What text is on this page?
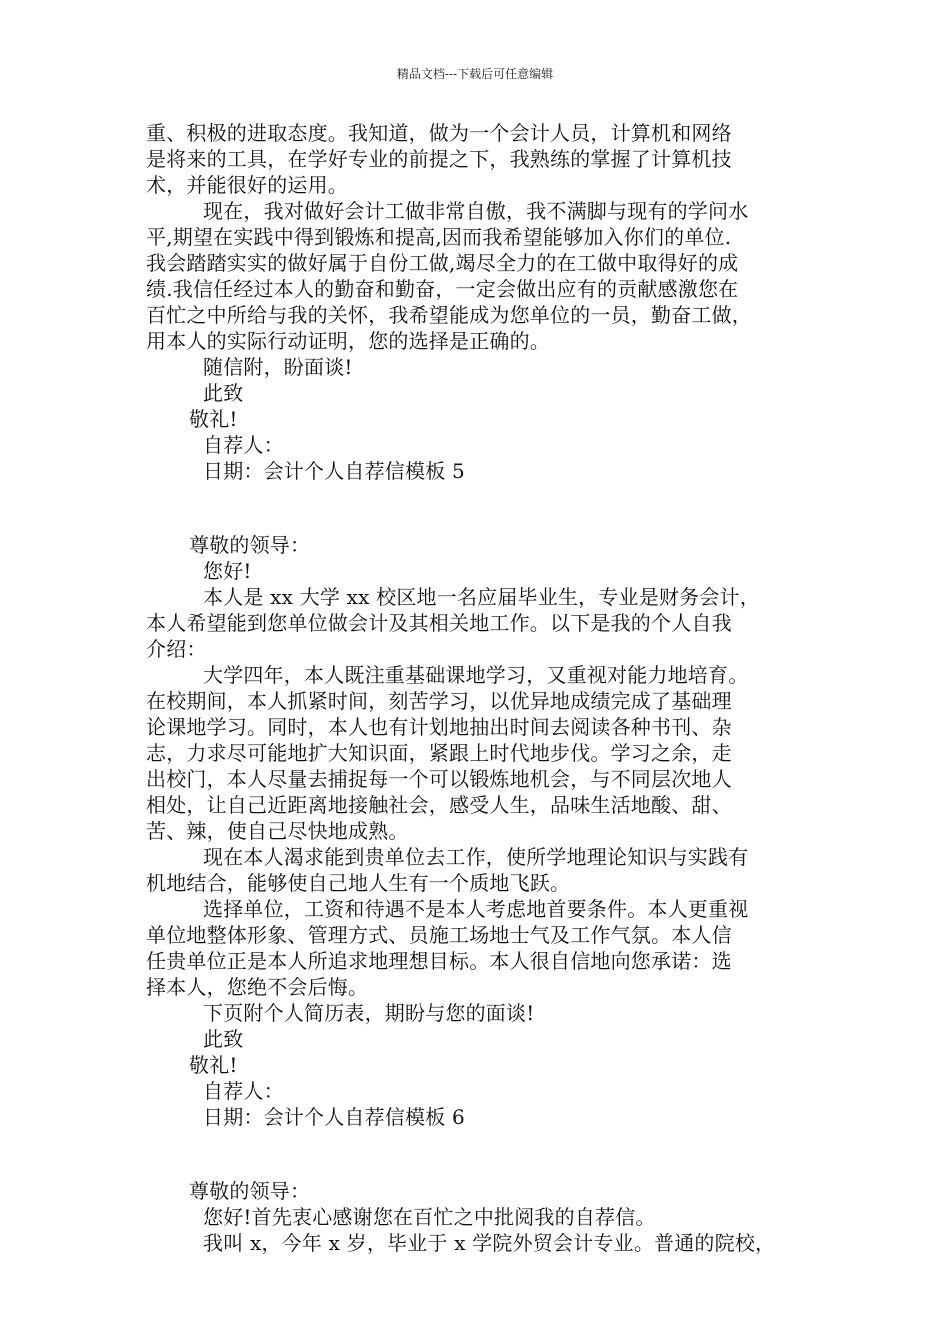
精品文档---下载后可任意编辑
重、积极的进取态度。我知道，做为一个会计人员，计算机和网络
是将来的工具，在学好专业的前提之下，我熟练的掌握了计算机技
术，并能很好的运用。
现在，我对做好会计工做非常自傲，我不满脚与现有的学问水
平,期望在实践中得到锻炼和提高,因而我希望能够加入你们的单位.
我会踏踏实实的做好属于自份工做,竭尽全力的在工做中取得好的成
绩.我信任经过本人的勤奋和勤奋，一定会做出应有的贡献感激您在
百忙之中所给与我的关怀，我希望能成为您单位的一员，勤奋工做，
用本人的实际行动证明，您的选择是正确的。
随信附，盼面谈!
此致
敬礼!
自荐人：
日期：会计个人自荐信模板 5
尊敬的领导：
您好!
本人是 xx 大学 xx 校区地一名应届毕业生，专业是财务会计，
本人希望能到您单位做会计及其相关地工作。以下是我的个人自我
介绍：
大学四年，本人既注重基础课地学习，又重视对能力地培育。
在校期间，本人抓紧时间，刻苦学习，以优异地成绩完成了基础理
论课地学习。同时，本人也有计划地抽出时间去阅读各种书刊、杂
志，力求尽可能地扩大知识面，紧跟上时代地步伐。学习之余，走
出校门，本人尽量去捕捉每一个可以锻炼地机会，与不同层次地人
相处，让自己近距离地接触社会，感受人生，品味生活地酸、甜、
苦、辣，使自己尽快地成熟。
现在本人渴求能到贵单位去工作，使所学地理论知识与实践有
机地结合，能够使自己地人生有一个质地飞跃。
选择单位，工资和待遇不是本人考虑地首要条件。本人更重视
单位地整体形象、管理方式、员施工场地士气及工作气氛。本人信
任贵单位正是本人所追求地理想目标。本人很自信地向您承诺：选
择本人，您绝不会后悔。
下页附个人简历表，期盼与您的面谈!
此致
敬礼!
自荐人：
日期：会计个人自荐信模板 6
尊敬的领导：
您好!首先衷心感谢您在百忙之中批阅我的自荐信。
我叫 x，今年 x 岁，毕业于 x 学院外贸会计专业。普通的院校，
